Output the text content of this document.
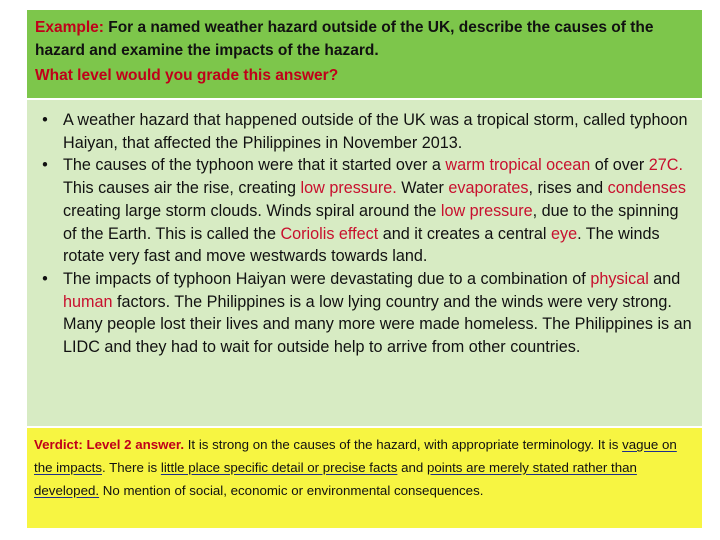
Example: For a named weather hazard outside of the UK, describe the causes of the hazard and examine the impacts of the hazard.
What level would you grade this answer?
• A weather hazard that happened outside of the UK was a tropical storm, called typhoon Haiyan, that affected the Philippines in November 2013.
• The causes of the typhoon were that it started over a warm tropical ocean of over 27C. This causes air the rise, creating low pressure. Water evaporates, rises and condenses creating large storm clouds. Winds spiral around the low pressure, due to the spinning of the Earth. This is called the Coriolis effect and it creates a central eye. The winds rotate very fast and move westwards towards land.
• The impacts of typhoon Haiyan were devastating due to a combination of physical and human factors. The Philippines is a low lying country and the winds were very strong. Many people lost their lives and many more were made homeless. The Philippines is an LIDC and they had to wait for outside help to arrive from other countries.
Verdict: Level 2 answer. It is strong on the causes of the hazard, with appropriate terminology. It is vague on the impacts. There is little place specific detail or precise facts and points are merely stated rather than developed. No mention of social, economic or environmental consequences.
